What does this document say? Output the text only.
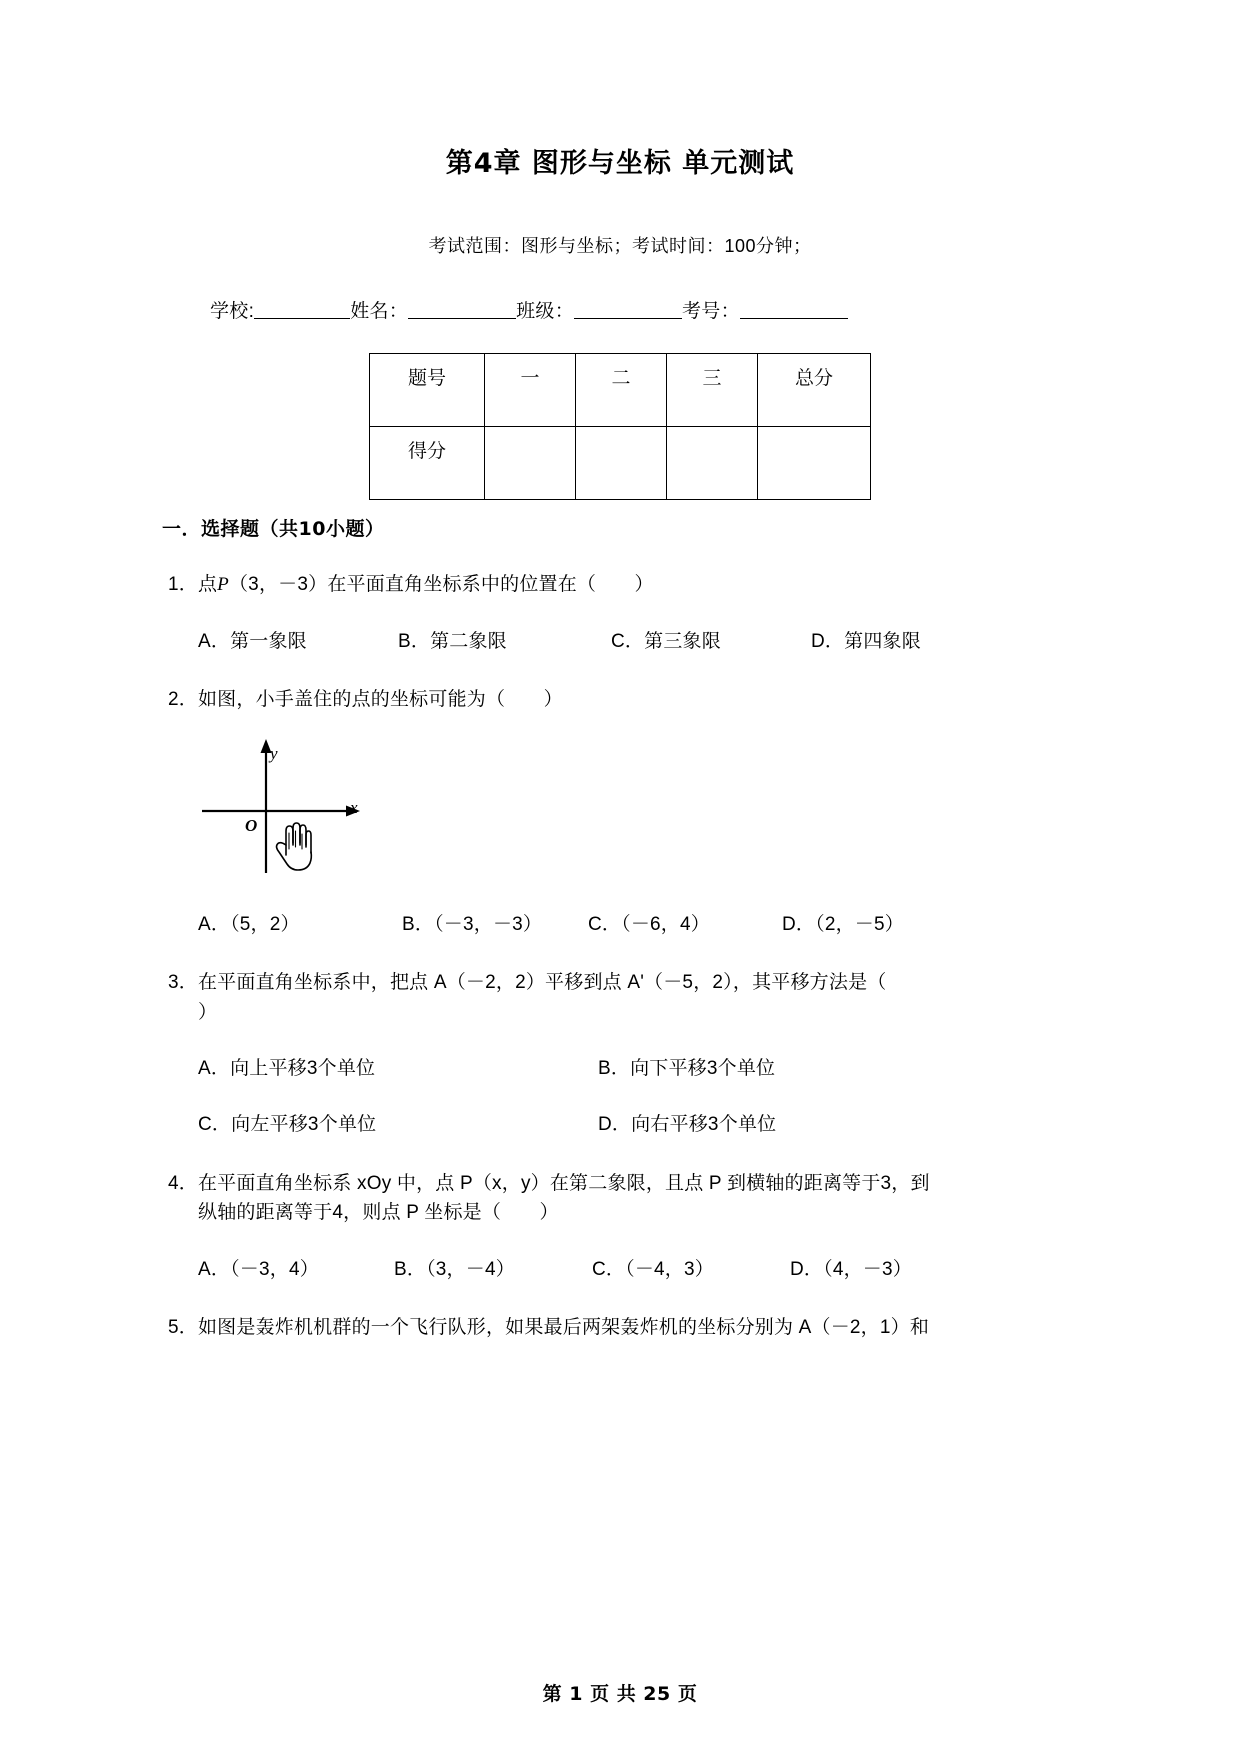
第4章 图形与坐标 单元测试
考试范围：图形与坐标；考试时间：100分钟；
学校:	姓名：	班级：	考号：
题号	一	二	三	总分
得分				
一．选择题（共10小题）
1．点P（3，－3）在平面直角坐标系中的位置在（　　）
A．第一象限	B．第二象限	C．第三象限	D．第四象限
2．如图，小手盖住的点的坐标可能为（　　）
x
y
O
A．（5，2）	B．（－3，－3）	C．（－6，4）	D．（2，－5）
3．在平面直角坐标系中，把点 A（－2，2）平移到点 A'（－5，2），其平移方法是（
）
A．向上平移3个单位	B．向下平移3个单位
C．向左平移3个单位	D．向右平移3个单位
4．在平面直角坐标系 xOy 中，点 P（x，y）在第二象限，且点 P 到横轴的距离等于3，到
纵轴的距离等于4，则点 P 坐标是（　　）
A．（－3，4）	B．（3，－4）	C．（－4，3）	D．（4，－3）
5．如图是轰炸机机群的一个飞行队形，如果最后两架轰炸机的坐标分别为 A（－2，1）和
第 1 页 共 25 页
